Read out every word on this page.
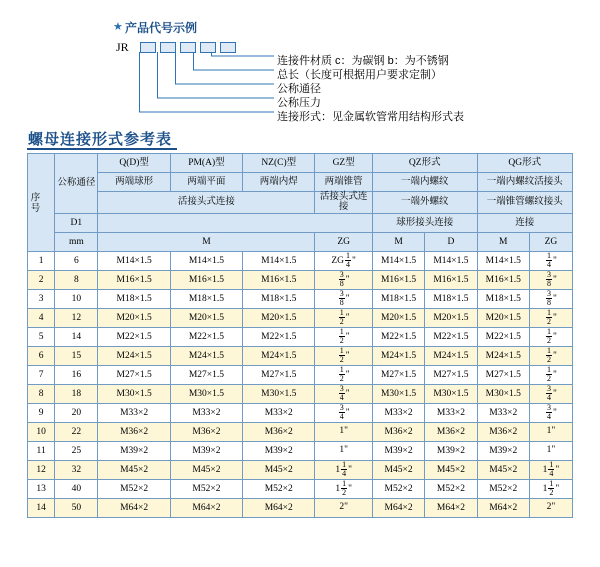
★ 产品代号示例
JR
连接件材质 c：为碳钢 b：为不锈钢
总长（长度可根据用户要求定制）
公称通径
公称压力
连接形式：见金属软管常用结构形式表
螺母连接形式参考表
序号	公称通径	Q(D)型	PM(A)型	NZ(C)型	GZ型	QZ形式		QG形式	
		两端球形	两端平面	两端内焊	两端锥管	一端内螺纹		一端内螺纹活接头	
		活接头式连接			活接头式连接	一端外螺纹		一端锥管螺纹接头	
	D1					球形接头连接		连接	
	mm	M			ZG	M	D	M	ZG
1	6	M14×1.5	M14×1.5	M14×1.5	ZG $\frac{1}{4}$ "	M14×1.5	M14×1.5	M14×1.5	$\frac{1}{4}$ "
2	8	M16×1.5	M16×1.5	M16×1.5	$\frac{3}{8}$ "	M16×1.5	M16×1.5	M16×1.5	$\frac{3}{8}$ "
3	10	M18×1.5	M18×1.5	M18×1.5	$\frac{3}{8}$ "	M18×1.5	M18×1.5	M18×1.5	$\frac{3}{8}$ "
4	12	M20×1.5	M20×1.5	M20×1.5	$\frac{1}{2}$ "	M20×1.5	M20×1.5	M20×1.5	$\frac{1}{2}$ "
5	14	M22×1.5	M22×1.5	M22×1.5	$\frac{1}{2}$ "	M22×1.5	M22×1.5	M22×1.5	$\frac{1}{2}$ "
6	15	M24×1.5	M24×1.5	M24×1.5	$\frac{1}{2}$ "	M24×1.5	M24×1.5	M24×1.5	$\frac{1}{2}$ "
7	16	M27×1.5	M27×1.5	M27×1.5	$\frac{1}{2}$ "	M27×1.5	M27×1.5	M27×1.5	$\frac{1}{2}$ "
8	18	M30×1.5	M30×1.5	M30×1.5	$\frac{3}{4}$ "	M30×1.5	M30×1.5	M30×1.5	$\frac{3}{4}$ "
9	20	M33×2	M33×2	M33×2	$\frac{3}{4}$ "	M33×2	M33×2	M33×2	$\frac{3}{4}$ "
10	22	M36×2	M36×2	M36×2	1"	M36×2	M36×2	M36×2	1"
11	25	M39×2	M39×2	M39×2	1"	M39×2	M39×2	M39×2	1"
12	32	M45×2	M45×2	M45×2	$1 \frac{1}{4}$ "	M45×2	M45×2	M45×2	$1 \frac{1}{4}$ "
13	40	M52×2	M52×2	M52×2	$1 \frac{1}{2}$ "	M52×2	M52×2	M52×2	$1 \frac{1}{2}$ "
14	50	M64×2	M64×2	M64×2	2"	M64×2	M64×2	M64×2	2"
